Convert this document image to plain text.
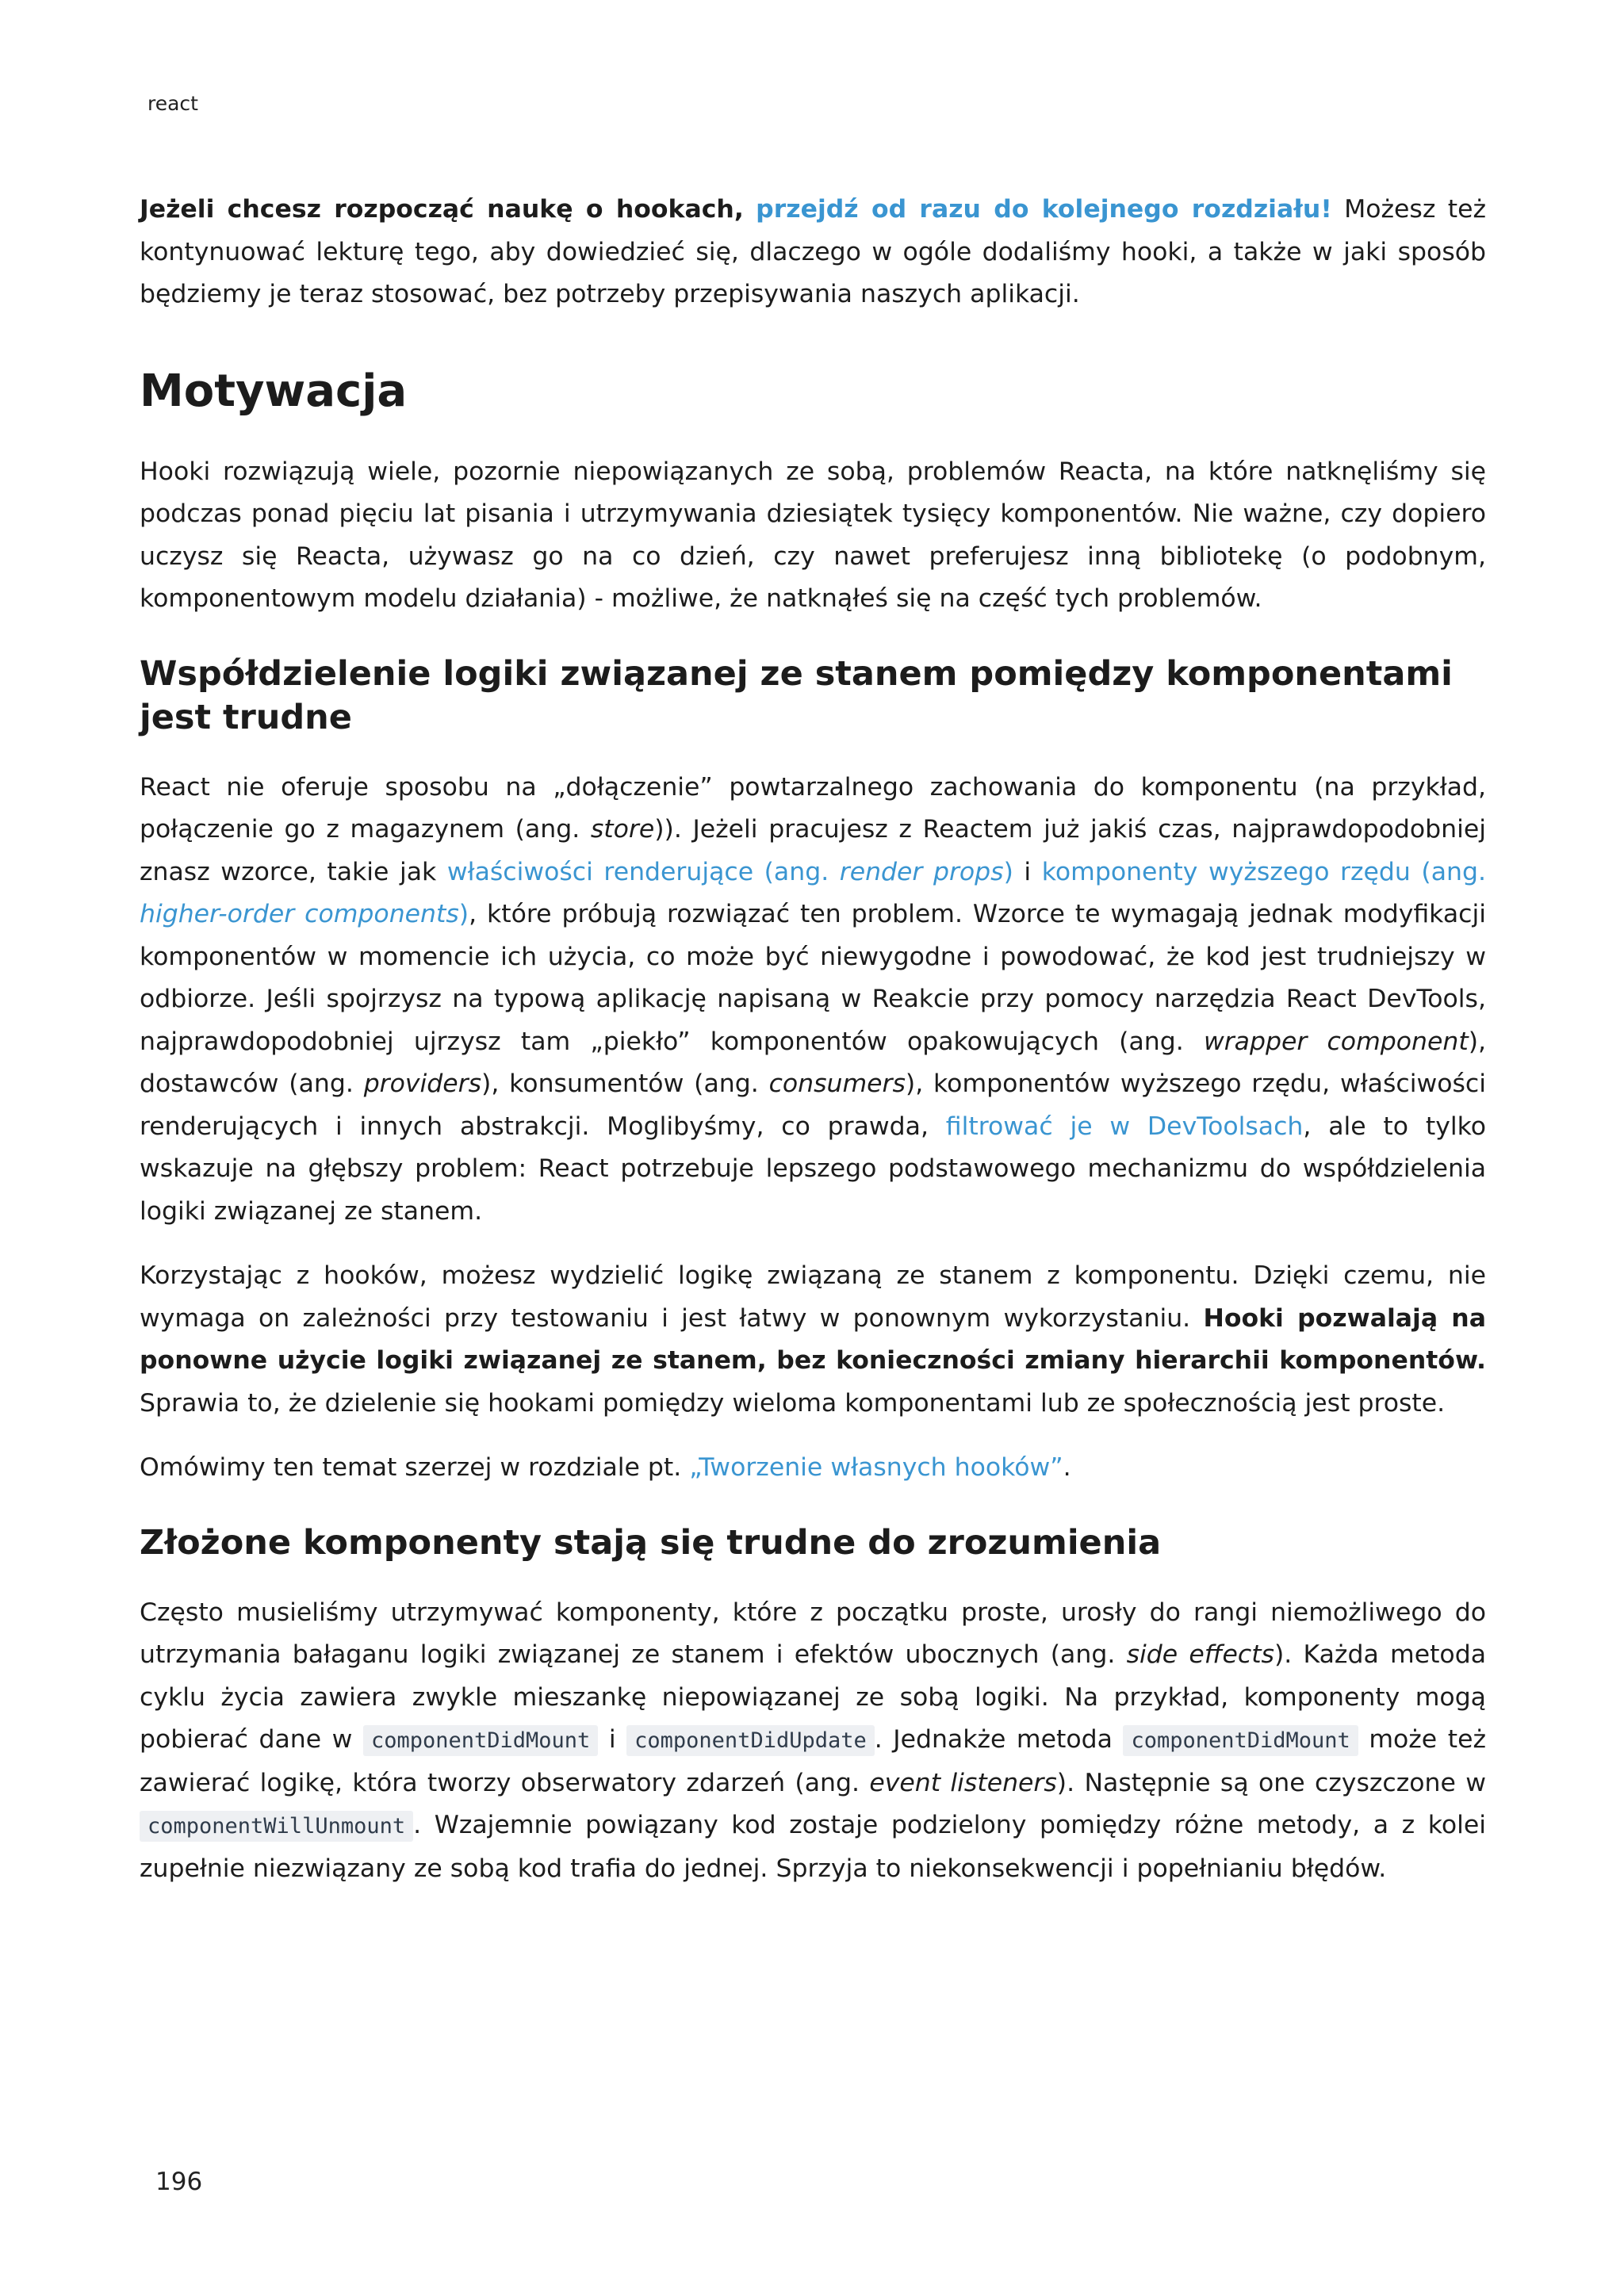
react

Jeżeli chcesz rozpocząć naukę o hookach, przejdź od razu do kolejnego rozdziału! Możesz też kontynuować lekturę tego, aby dowiedzieć się, dlaczego w ogóle dodaliśmy hooki, a także w jaki sposób będziemy je teraz stosować, bez potrzeby przepisywania naszych aplikacji.

Motywacja

Hooki rozwiązują wiele, pozornie niepowiązanych ze sobą, problemów Reacta, na które natknęliśmy się podczas ponad pięciu lat pisania i utrzymywania dziesiątek tysięcy komponentów. Nie ważne, czy dopiero uczysz się Reacta, używasz go na co dzień, czy nawet preferujesz inną bibliotekę (o podobnym, komponentowym modelu działania) - możliwe, że natknąłeś się na część tych problemów.

Współdzielenie logiki związanej ze stanem pomiędzy komponentami jest trudne

React nie oferuje sposobu na „dołączenie” powtarzalnego zachowania do komponentu (na przykład, połączenie go z magazynem (ang. store)). Jeżeli pracujesz z Reactem już jakiś czas, najprawdopodobniej znasz wzorce, takie jak właściwości renderujące (ang. render props) i komponenty wyższego rzędu (ang. higher-order components), które próbują rozwiązać ten problem. Wzorce te wymagają jednak modyfikacji komponentów w momencie ich użycia, co może być niewygodne i powodować, że kod jest trudniejszy w odbiorze. Jeśli spojrzysz na typową aplikację napisaną w Reakcie przy pomocy narzędzia React DevTools, najprawdopodobniej ujrzysz tam „piekło” komponentów opakowujących (ang. wrapper component), dostawców (ang. providers), konsumentów (ang. consumers), komponentów wyższego rzędu, właściwości renderujących i innych abstrakcji. Moglibyśmy, co prawda, filtrować je w DevToolsach, ale to tylko wskazuje na głębszy problem: React potrzebuje lepszego podstawowego mechanizmu do współdzielenia logiki związanej ze stanem.

Korzystając z hooków, możesz wydzielić logikę związaną ze stanem z komponentu. Dzięki czemu, nie wymaga on zależności przy testowaniu i jest łatwy w ponownym wykorzystaniu. Hooki pozwalają na ponowne użycie logiki związanej ze stanem, bez konieczności zmiany hierarchii komponentów. Sprawia to, że dzielenie się hookami pomiędzy wieloma komponentami lub ze społecznością jest proste.

Omówimy ten temat szerzej w rozdziale pt. „Tworzenie własnych hooków”.

Złożone komponenty stają się trudne do zrozumienia

Często musieliśmy utrzymywać komponenty, które z początku proste, urosły do rangi niemożliwego do utrzymania bałaganu logiki związanej ze stanem i efektów ubocznych (ang. side effects). Każda metoda cyklu życia zawiera zwykle mieszankę niepowiązanej ze sobą logiki. Na przykład, komponenty mogą pobierać dane w componentDidMount i componentDidUpdate . Jednakże metoda componentDidMount może też zawierać logikę, która tworzy obserwatory zdarzeń (ang. event listeners). Następnie są one czyszczone w componentWillUnmount . Wzajemnie powiązany kod zostaje podzielony pomiędzy różne metody, a z kolei zupełnie niezwiązany ze sobą kod trafia do jednej. Sprzyja to niekonsekwencji i popełnianiu błędów.

196
